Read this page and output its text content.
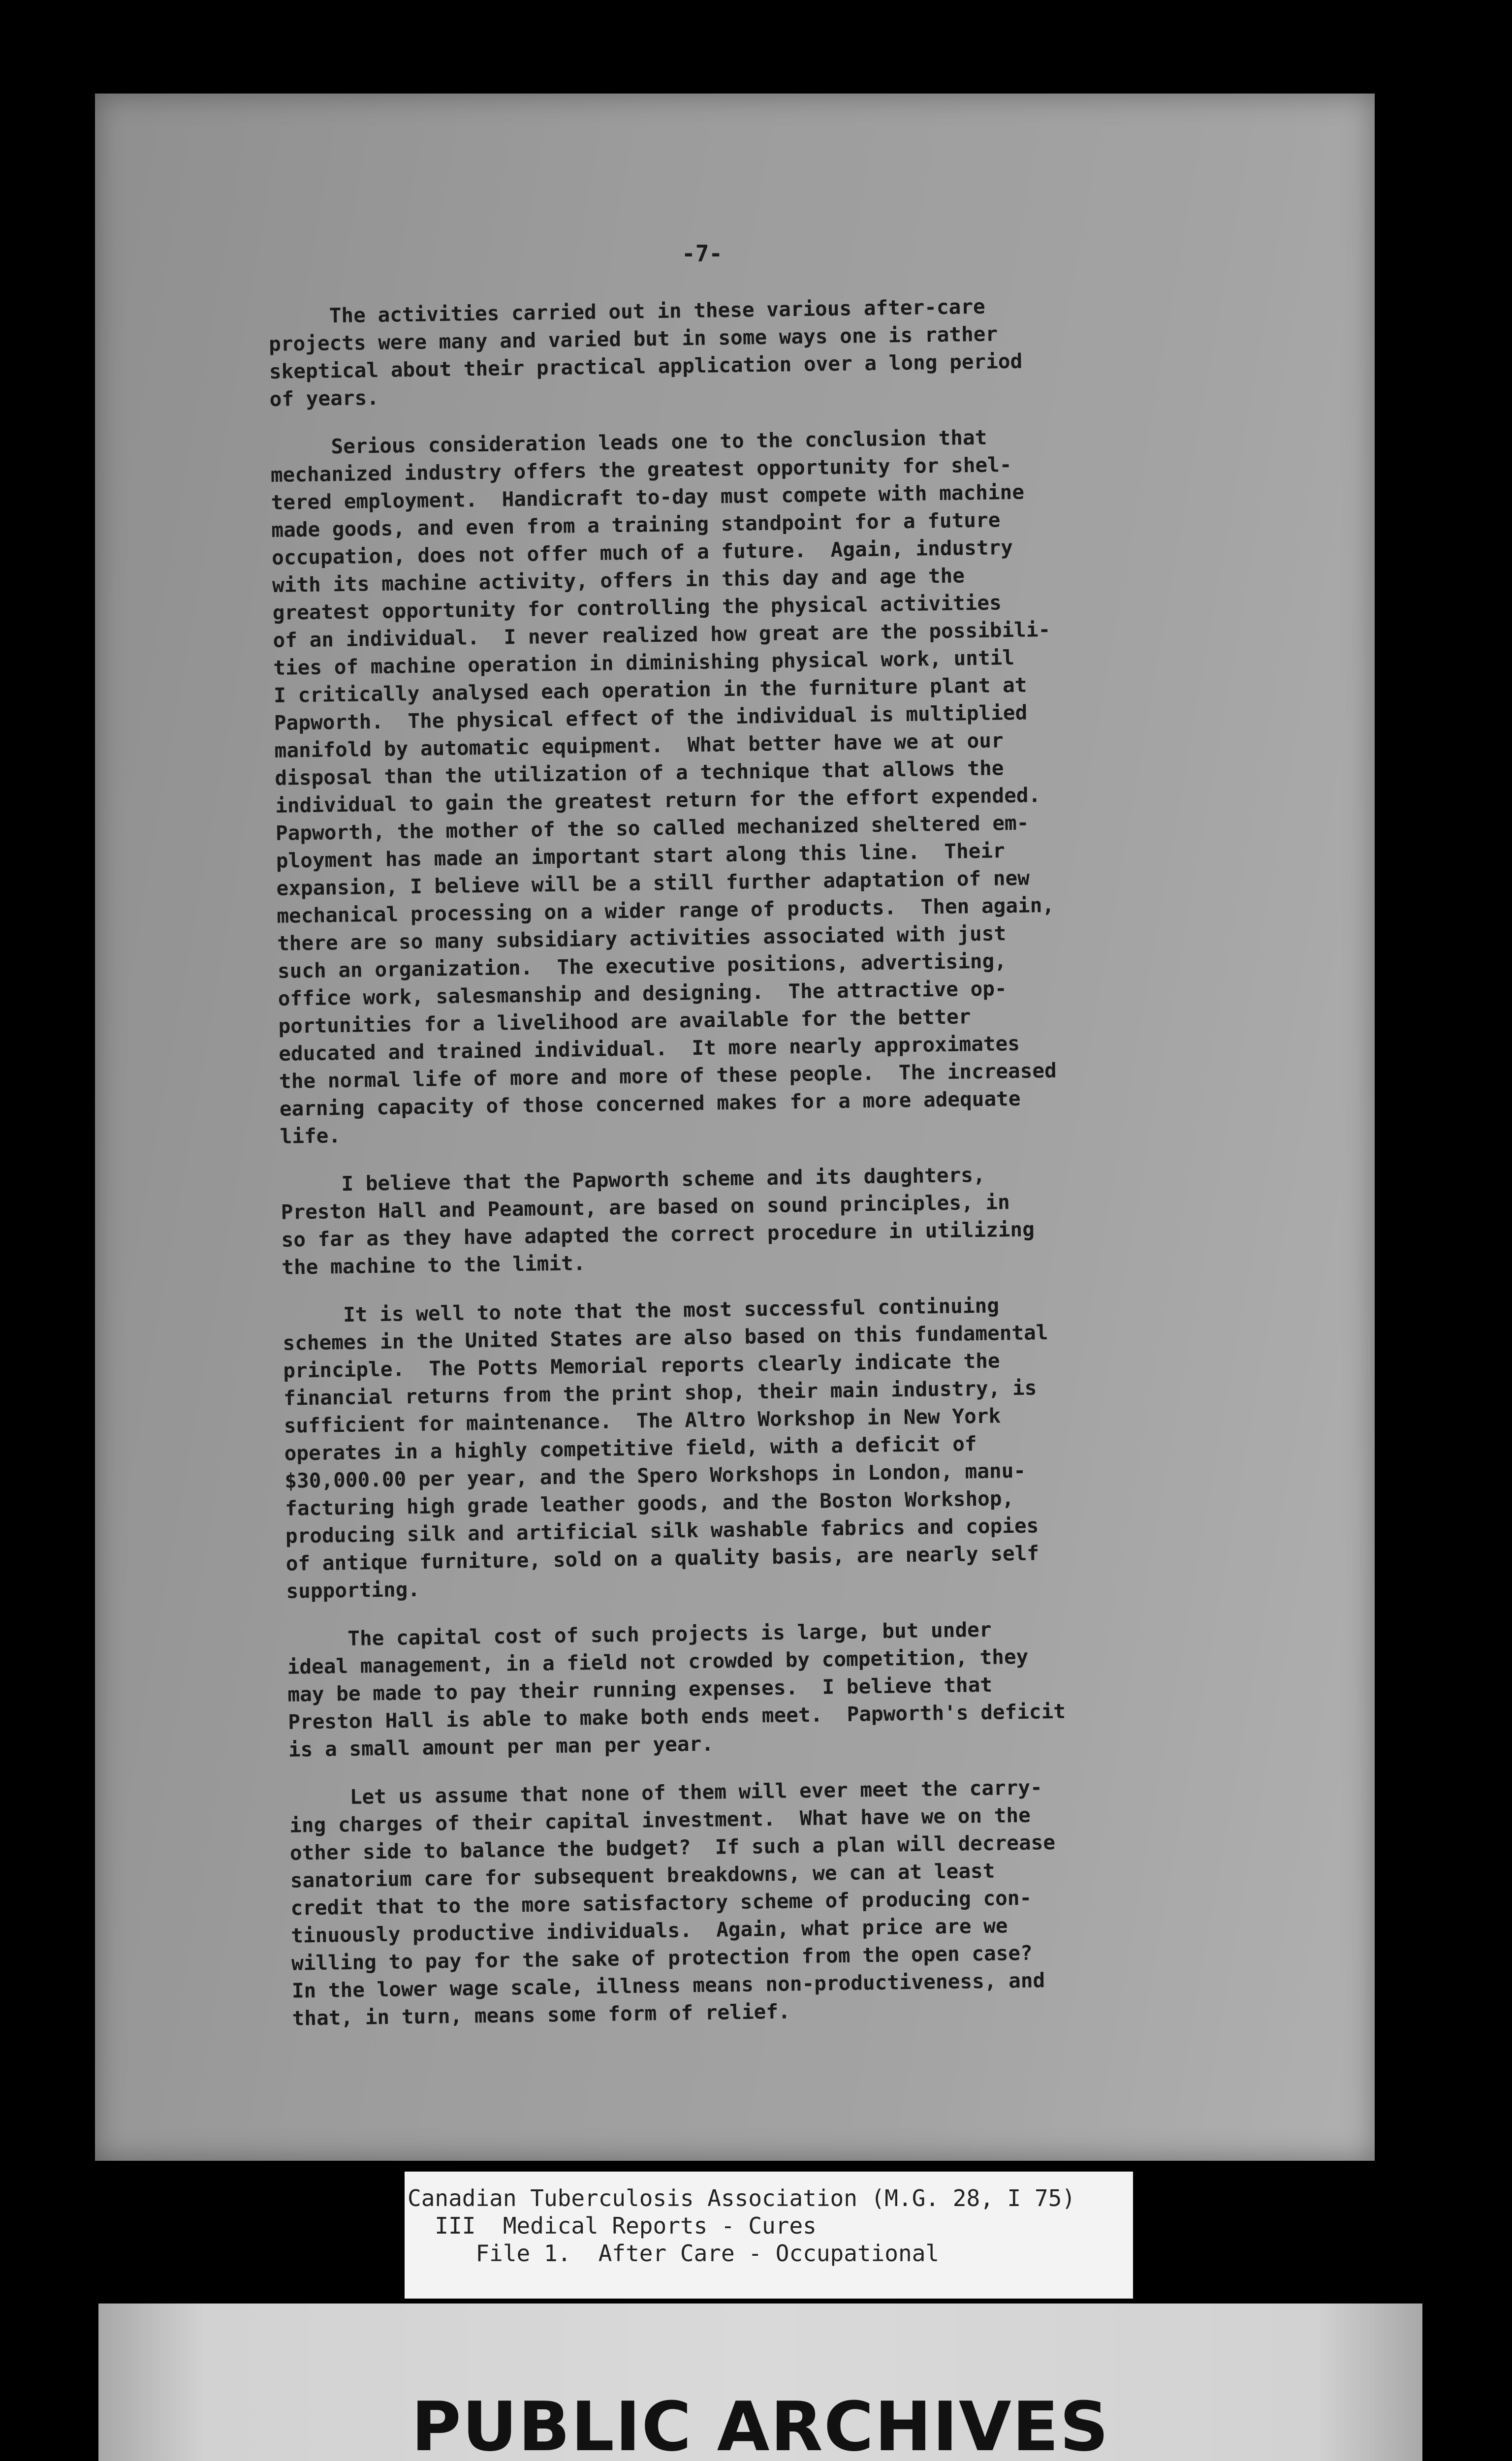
-7-

The activities carried out in these various after-care
projects were many and varied but in some ways one is rather
skeptical about their practical application over a long period
of years.

Serious consideration leads one to the conclusion that
mechanized industry offers the greatest opportunity for shel-
tered employment.  Handicraft to-day must compete with machine
made goods, and even from a training standpoint for a future
occupation, does not offer much of a future.  Again, industry
with its machine activity, offers in this day and age the
greatest opportunity for controlling the physical activities
of an individual.  I never realized how great are the possibili-
ties of machine operation in diminishing physical work, until
I critically analysed each operation in the furniture plant at
Papworth.  The physical effect of the individual is multiplied
manifold by automatic equipment.  What better have we at our
disposal than the utilization of a technique that allows the
individual to gain the greatest return for the effort expended.
Papworth, the mother of the so called mechanized sheltered em-
ployment has made an important start along this line.  Their
expansion, I believe will be a still further adaptation of new
mechanical processing on a wider range of products.  Then again,
there are so many subsidiary activities associated with just
such an organization.  The executive positions, advertising,
office work, salesmanship and designing.  The attractive op-
portunities for a livelihood are available for the better
educated and trained individual.  It more nearly approximates
the normal life of more and more of these people.  The increased
earning capacity of those concerned makes for a more adequate
life.

I believe that the Papworth scheme and its daughters,
Preston Hall and Peamount, are based on sound principles, in
so far as they have adapted the correct procedure in utilizing
the machine to the limit.

It is well to note that the most successful continuing
schemes in the United States are also based on this fundamental
principle.  The Potts Memorial reports clearly indicate the
financial returns from the print shop, their main industry, is
sufficient for maintenance.  The Altro Workshop in New York
operates in a highly competitive field, with a deficit of
$30,000.00 per year, and the Spero Workshops in London, manu-
facturing high grade leather goods, and the Boston Workshop,
producing silk and artificial silk washable fabrics and copies
of antique furniture, sold on a quality basis, are nearly self
supporting.

The capital cost of such projects is large, but under
ideal management, in a field not crowded by competition, they
may be made to pay their running expenses.  I believe that
Preston Hall is able to make both ends meet.  Papworth's deficit
is a small amount per man per year.

Let us assume that none of them will ever meet the carry-
ing charges of their capital investment.  What have we on the
other side to balance the budget?  If such a plan will decrease
sanatorium care for subsequent breakdowns, we can at least
credit that to the more satisfactory scheme of producing con-
tinuously productive individuals.  Again, what price are we
willing to pay for the sake of protection from the open case?
In the lower wage scale, illness means non-productiveness, and
that, in turn, means some form of relief.

Canadian Tuberculosis Association (M.G. 28, I 75)
III  Medical Reports - Cures
File 1.  After Care - Occupational
PUBLIC ARCHIVES
